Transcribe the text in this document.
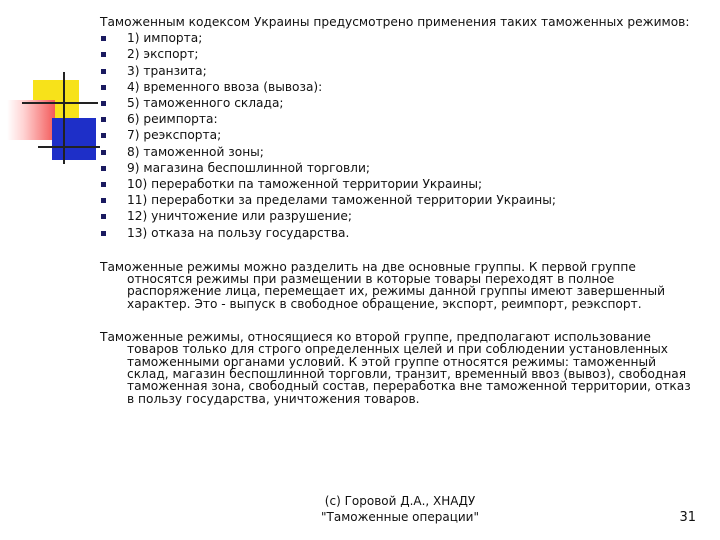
Таможенным кодексом Украины предусмотрено применения таких таможенных режимов:

1) импорта;
2) экспорт;
3) транзита;
4) временного ввоза (вывоза):
5) таможенного склада;
6) реимпорта:
7) реэкспорта;
8) таможенной зоны;
9) магазина беспошлинной торговли;
10) переработки па таможенной территории Украины;
11) переработки за пределами таможенной территории Украины;
12) уничтожение или разрушение;
13) отказа на пользу государства.

Таможенные режимы можно разделить на две основные группы. К первой группе относятся режимы при размещении в которые товары переходят в полное распоряжение лица, перемещает их, режимы данной группы имеют завершенный характер. Это - выпуск в свободное обращение, экспорт, реимпорт, реэкспорт.

Таможенные режимы, относящиеся ко второй группе, предполагают использование товаров только для строго определенных целей и при соблюдении установленных таможенными органами условий. К этой группе относятся режимы: таможенный склад, магазин беспошлинной торговли, транзит, временный ввоз (вывоз), свободная таможенная зона, свободный состав, переработка вне таможенной территории, отказ в пользу государства, уничтожения товаров.

(с) Горовой Д.А., ХНАДУ
"Таможенные операции"	31
